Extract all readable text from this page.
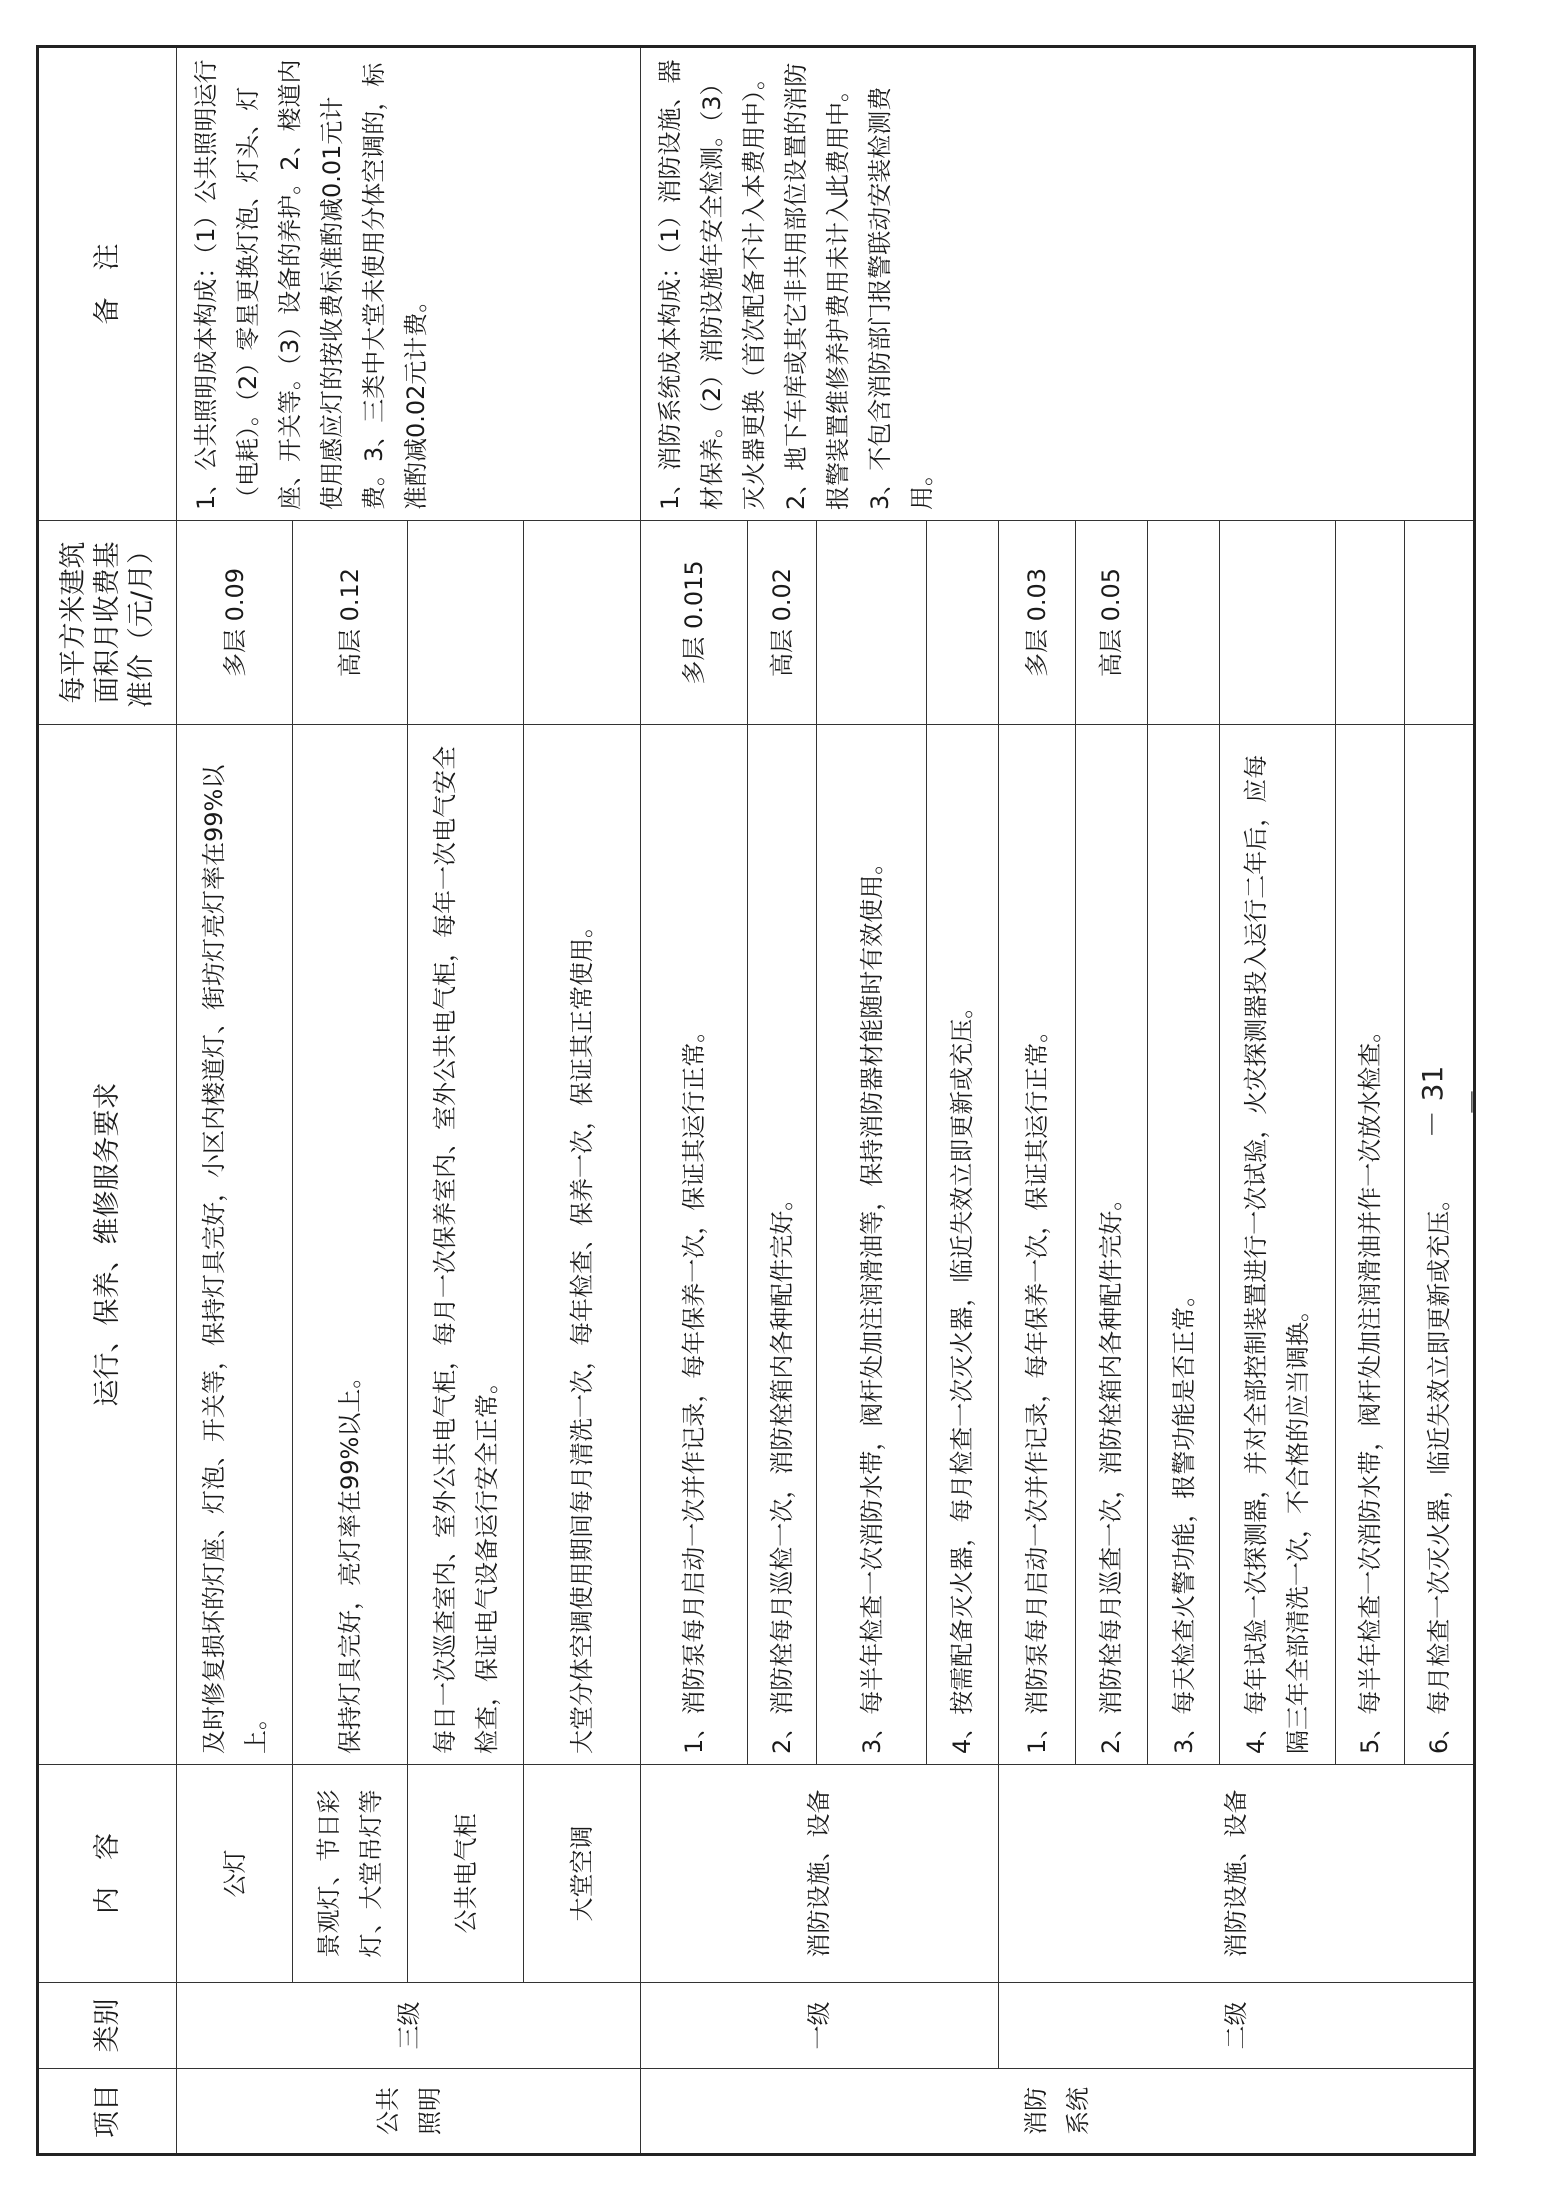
－ 31 －
项目	类别	内　容	运行、保养、维修服务要求	每平方米建筑面积月收费基准价（元/月）	备　注
公共照明	三级	公灯	及时修复损坏的灯座、灯泡、开关等，保持灯具完好，小区内楼道灯、街坊灯亮灯率在99%以上。	多层 0.09	1、公共照明成本构成：（1）公共照明运行（电耗）。（2）零星更换灯泡、灯头、灯座、开关等。（3）设备的养护。2、楼道内使用感应灯的按收费标准酌减0.01元计费。3、三类中大堂未使用分体空调的，标准酌减0.02元计费。
		景观灯、节日彩灯、大堂吊灯等	保持灯具完好，亮灯率在99%以上。	高层 0.12	
		公共电气柜	每日一次巡查室内、室外公共电气柜，每月一次保养室内、室外公共电气柜，每年一次电气安全检查，保证电气设备运行安全正常。		
		大堂空调	大堂分体空调使用期间每月清洗一次，每年检查、保养一次，保证其正常使用。		
消防系统	一级	消防设施、设备	1、消防泵每月启动一次并作记录，每年保养一次，保证其运行正常。	多层 0.015	1、消防系统成本构成：（1）消防设施、器材保养。（2）消防设施年安全检测。（3）灭火器更换（首次配备不计入本费用中）。2、地下车库或其它非共用部位设置的消防报警装置维修养护费用未计入此费用中。3、不包含消防部门报警联动安装检测费用。
			2、消防栓每月巡检一次，消防栓箱内各种配件完好。	高层 0.02	
			3、每半年检查一次消防水带，阀杆处加注润滑油等，保持消防器材能随时有效使用。		
			4、按需配备灭火器，每月检查一次灭火器，临近失效立即更新或充压。		
	二级	消防设施、设备	1、消防泵每月启动一次并作记录，每年保养一次，保证其运行正常。	多层 0.03	
			2、消防栓每月巡查一次，消防栓箱内各种配件完好。	高层 0.05	
			3、每天检查火警功能，报警功能是否正常。		
			4、每年试验一次探测器，并对全部控制装置进行一次试验，火灾探测器投入运行二年后，应每隔三年全部清洗一次，不合格的应当调换。		
			5、每半年检查一次消防水带，阀杆处加注润滑油并作一次放水检查。		
			6、每月检查一次灭火器，临近失效立即更新或充压。		
